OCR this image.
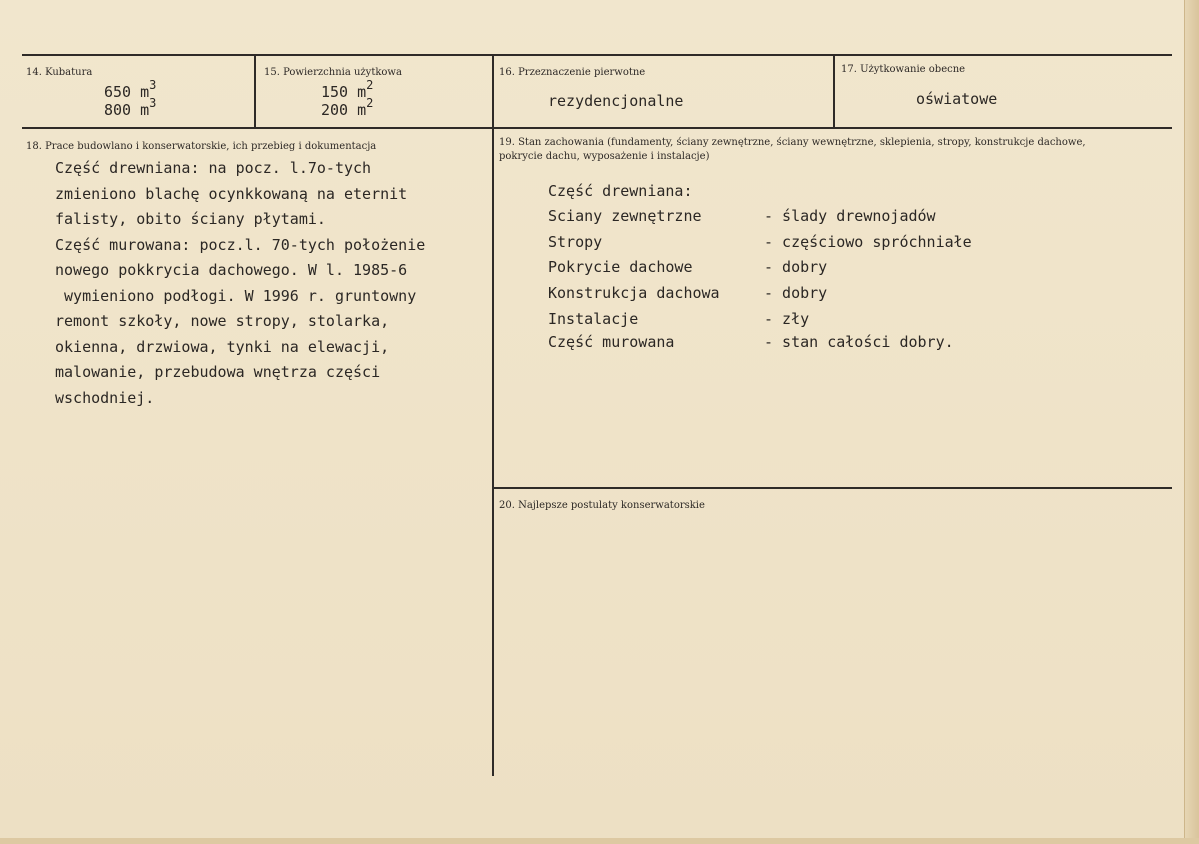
14. Kubatura
650 $m^3$
800 $m^3$
15. Powierzchnia użytkowa
150 $m^2$
200 $m^2$
16. Przeznaczenie pierwotne
rezydencjonalne
17. Użytkowanie obecne
oświatowe
18. Prace budowlano i konserwatorskie, ich przebieg i dokumentacja
Część drewniana: na pocz. l.7o-tych
zmieniono blachę ocynkkowaną na eternit
falisty, obito ściany płytami.
Część murowana: pocz.l. 70-tych położenie
nowego pokkrycia dachowego. W l. 1985-6
wymieniono podłogi. W 1996 r. gruntowny
remont szkoły, nowe stropy, stolarka,
okienna, drzwiowa, tynki na elewacji,
malowanie, przebudowa wnętrza części
wschodniej.
19. Stan zachowania (fundamenty, ściany zewnętrzne, ściany wewnętrzne, sklepienia, stropy, konstrukcje dachowe, pokrycie dachu, wyposażenie i instalacje)
Część drewniana:
Sciany zewnętrzne	- ślady drewnojadów
Stropy	- częściowo spróchniałe
Pokrycie dachowe	- dobry
Konstrukcja dachowa	- dobry
Instalacje	- zły
Część murowana	- stan całości dobry.
20. Najlepsze postulaty konserwatorskie
